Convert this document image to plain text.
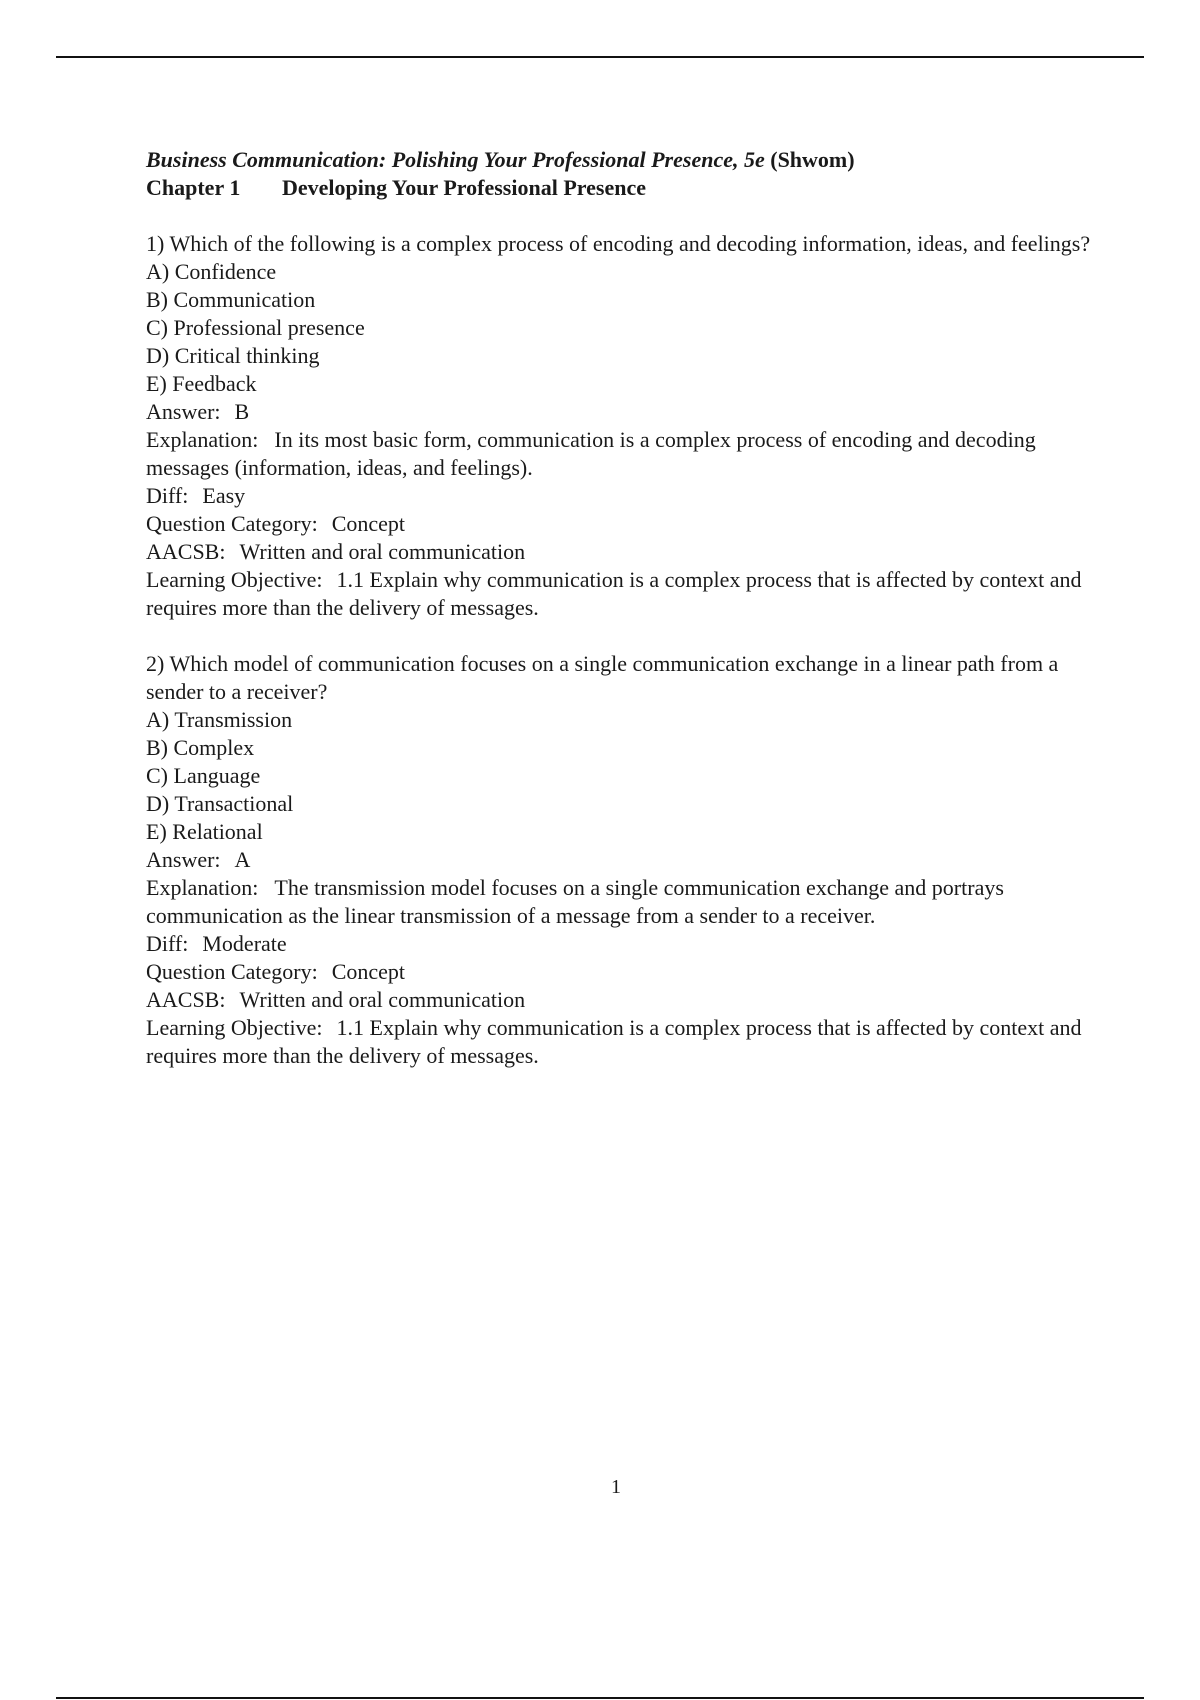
Business Communication: Polishing Your Professional Presence, 5e (Shwom)

Chapter 1 Developing Your Professional Presence

1) Which of the following is a complex process of encoding and decoding information, ideas, and feelings?

A) Confidence

B) Communication

C) Professional presence

D) Critical thinking

E) Feedback

Answer: B

Explanation: In its most basic form, communication is a complex process of encoding and decoding messages (information, ideas, and feelings).

Diff: Easy

Question Category: Concept

AACSB: Written and oral communication

Learning Objective: 1.1 Explain why communication is a complex process that is affected by context and requires more than the delivery of messages.

2) Which model of communication focuses on a single communication exchange in a linear path from a sender to a receiver?

A) Transmission

B) Complex

C) Language

D) Transactional

E) Relational

Answer: A

Explanation: The transmission model focuses on a single communication exchange and portrays communication as the linear transmission of a message from a sender to a receiver.

Diff: Moderate

Question Category: Concept

AACSB: Written and oral communication

Learning Objective: 1.1 Explain why communication is a complex process that is affected by context and requires more than the delivery of messages.

1
